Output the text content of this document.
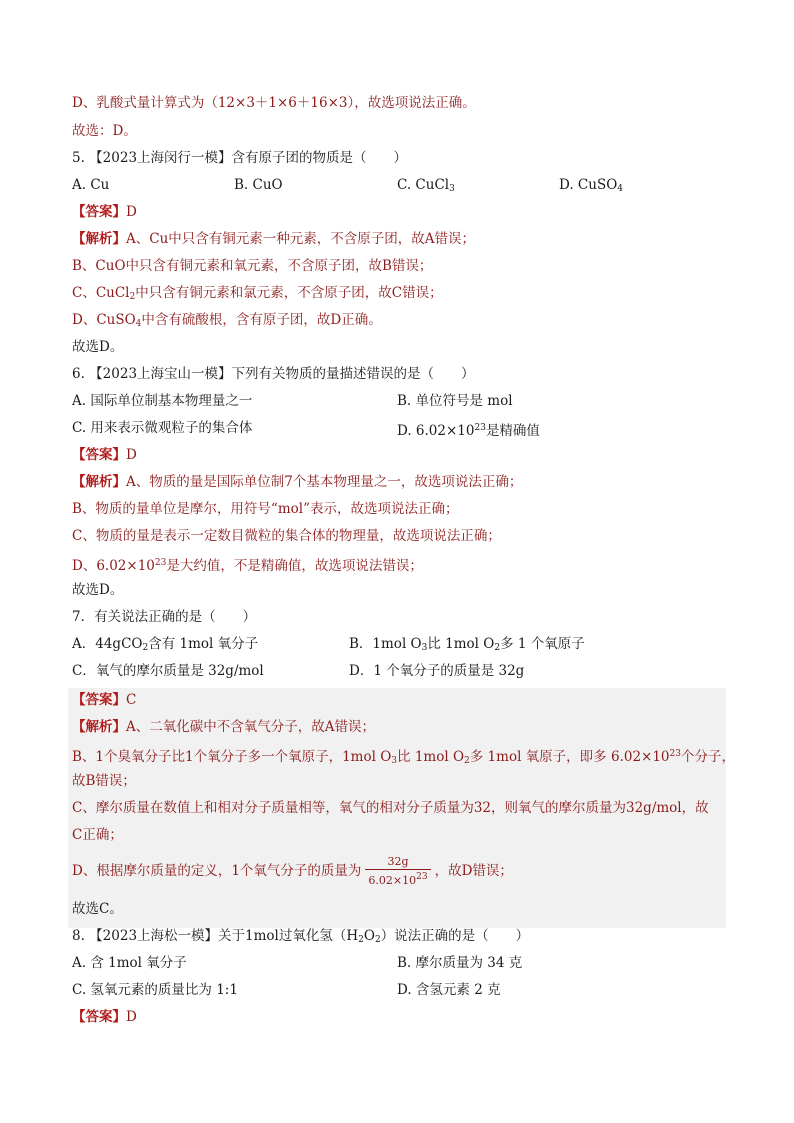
D、乳酸式量计算式为（12×3＋1×6＋16×3），故选项说法正确。
故选：D。
5. 【2023上海闵行一模】含有原子团的物质是（　　）
A. Cu	B. CuO	C. CuCl$_3$	D. CuSO$_4$
【答案】D
【解析】A、Cu中只含有铜元素一种元素，不含原子团，故A错误；
B、CuO中只含有铜元素和氧元素，不含原子团，故B错误；
C、CuCl$_2$中只含有铜元素和氯元素，不含原子团，故C错误；
D、CuSO$_4$中含有硫酸根，含有原子团，故D正确。
故选D。
6. 【2023上海宝山一模】下列有关物质的量描述错误的是（　　）
A. 国际单位制基本物理量之一	B. 单位符号是 mol
C. 用来表示微观粒子的集合体	D. $6.02\times 10^{23}$是精确值
【答案】D
【解析】A、物质的量是国际单位制7个基本物理量之一，故选项说法正确；
B、物质的量单位是摩尔，用符号“mol”表示，故选项说法正确；
C、物质的量是表示一定数目微粒的集合体的物理量，故选项说法正确；
D、$6.02\times 10^{23}$是大约值，不是精确值，故选项说法错误；
故选D。
7．有关说法正确的是（　　）
A．44gCO$_2$含有 1mol 氧分子	B．1mol $O_3$比 1mol $O_2$多 1 个氧原子
C．氧气的摩尔质量是 32g/mol	D．1 个氧分子的质量是 32g
【答案】C
【解析】A、二氧化碳中不含氧气分子，故A错误；
B、1个臭氧分子比1个氧分子多一个氧原子，1mol $O_3$比 1mol $O_2$多 1mol 氧原子，即多 $6.02\times 10^{23}$个分子，
故B错误；
C、摩尔质量在数值上和相对分子质量相等，氧气的相对分子质量为32，则氧气的摩尔质量为32g/mol，故
C正确；
D、根据摩尔质量的定义，1个氧气分子的质量为 $\frac{32g}{6.02\times 10^{23}}$ ，故D错误；
故选C。
8. 【2023上海松一模】关于1mol过氧化氢$(H_2O_2)$说法正确的是（　　）
A. 含 1mol 氧分子	B. 摩尔质量为 34 克
C. 氢氧元素的质量比为 1:1	D. 含氢元素 2 克
【答案】D
